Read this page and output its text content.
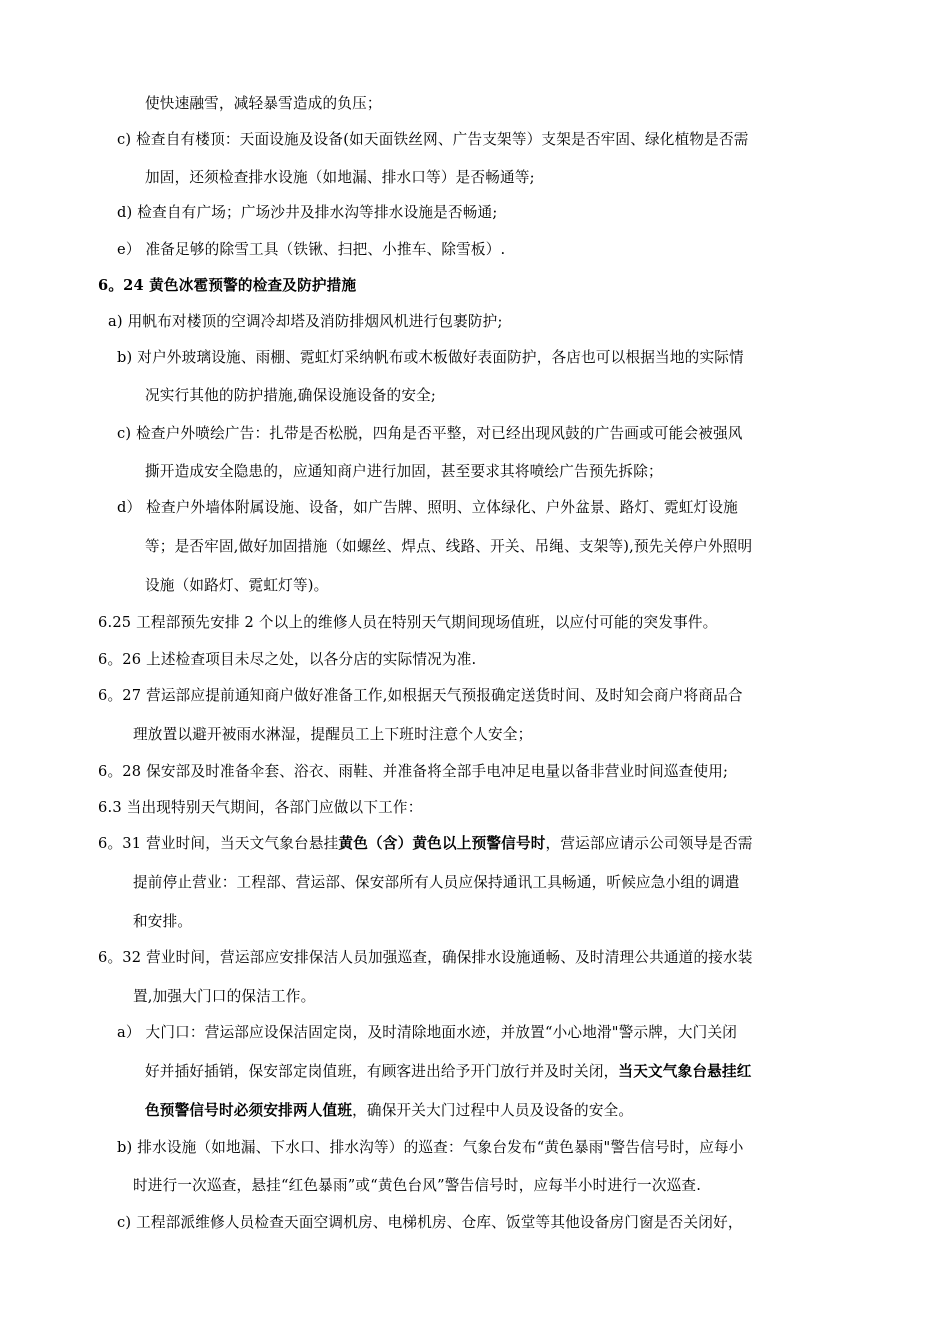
使快速融雪，减轻暴雪造成的负压；
c) 检查自有楼顶：天面设施及设备(如天面铁丝网、广告支架等）支架是否牢固、绿化植物是否需
加固，还须检查排水设施（如地漏、排水口等）是否畅通等;
d) 检查自有广场；广场沙井及排水沟等排水设施是否畅通;
e） 准备足够的除雪工具（铁锹、扫把、小推车、除雪板）.
6。24 黄色冰雹预警的检查及防护措施
a) 用帆布对楼顶的空调冷却塔及消防排烟风机进行包裹防护;
b) 对户外玻璃设施、雨棚、霓虹灯采纳帆布或木板做好表面防护，各店也可以根据当地的实际情
况实行其他的防护措施,确保设施设备的安全;
c) 检查户外喷绘广告：扎带是否松脱，四角是否平整，对已经出现风鼓的广告画或可能会被强风
撕开造成安全隐患的，应通知商户进行加固，甚至要求其将喷绘广告预先拆除；
d） 检查户外墙体附属设施、设备，如广告牌、照明、立体绿化、户外盆景、路灯、霓虹灯设施
等；是否牢固,做好加固措施（如螺丝、焊点、线路、开关、吊绳、支架等),预先关停户外照明
设施（如路灯、霓虹灯等)。
6.25 工程部预先安排 2 个以上的维修人员在特别天气期间现场值班，以应付可能的突发事件。
6。26 上述检查项目未尽之处，以各分店的实际情况为准.
6。27 营运部应提前通知商户做好准备工作,如根据天气预报确定送货时间、及时知会商户将商品合
理放置以避开被雨水淋湿，提醒员工上下班时注意个人安全；
6。28 保安部及时准备伞套、浴衣、雨鞋、并准备将全部手电冲足电量以备非营业时间巡查使用;
6.3 当出现特别天气期间，各部门应做以下工作：
6。31 营业时间，当天文气象台悬挂黄色（含）黄色以上预警信号时，营运部应请示公司领导是否需
提前停止营业：工程部、营运部、保安部所有人员应保持通讯工具畅通，听候应急小组的调遣
和安排。
6。32 营业时间，营运部应安排保洁人员加强巡查，确保排水设施通畅、及时清理公共通道的接水装
置,加强大门口的保洁工作。
a） 大门口：营运部应设保洁固定岗，及时清除地面水迹，并放置“小心地滑"警示牌，大门关闭
好并插好插销，保安部定岗值班，有顾客进出给予开门放行并及时关闭，当天文气象台悬挂红
色预警信号时必须安排两人值班，确保开关大门过程中人员及设备的安全。
b) 排水设施（如地漏、下水口、排水沟等）的巡查：气象台发布“黄色暴雨"警告信号时，应每小
时进行一次巡查，悬挂“红色暴雨”或“黄色台风”警告信号时，应每半小时进行一次巡查.
c) 工程部派维修人员检查天面空调机房、电梯机房、仓库、饭堂等其他设备房门窗是否关闭好，
